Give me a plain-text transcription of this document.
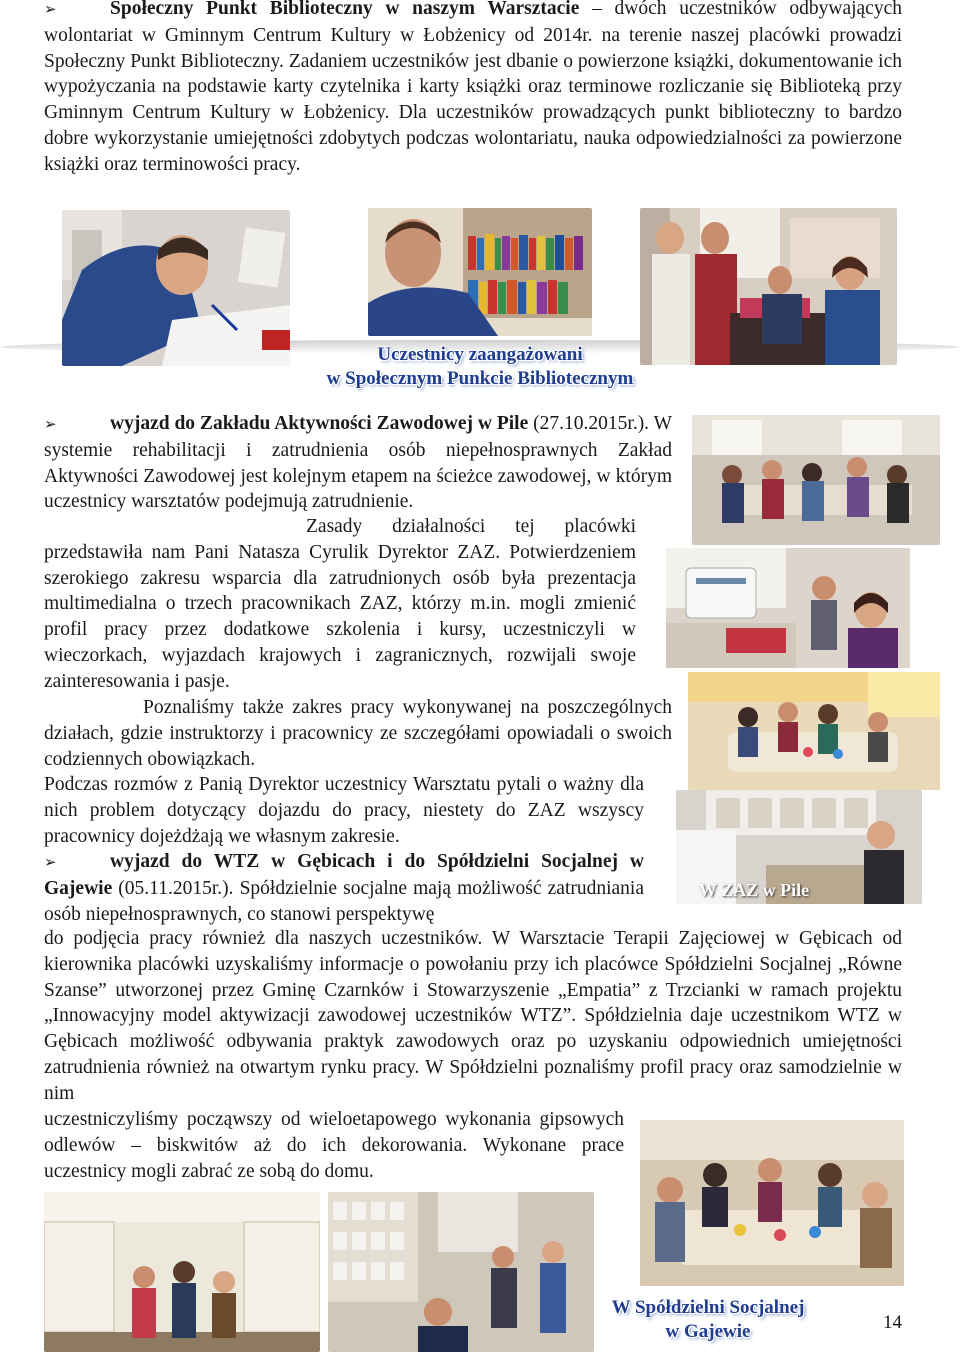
➢	Społeczny Punkt Biblioteczny w naszym Warsztacie – dwóch uczestników odbywających wolontariat w Gminnym Centrum Kultury w Łobżenicy od 2014r. na terenie naszej placówki prowadzi Społeczny Punkt Biblioteczny. Zadaniem uczestników jest dbanie o powierzone książki, dokumentowanie ich wypożyczania na podstawie karty czytelnika i karty książki oraz terminowe rozliczanie się Biblioteką przy Gminnym Centrum Kultury w Łobżenicy. Dla uczestników prowadzących punkt biblioteczny to bardzo dobre wykorzystanie umiejętności zdobytych podczas wolontariatu, nauka odpowiedzialności za powierzone książki oraz terminowości pracy.
Uczestnicy zaangażowani
w Społecznym Punkcie Bibliotecznym
➢	wyjazd do Zakładu Aktywności Zawodowej w Pile (27.10.2015r.). W systemie rehabilitacji i zatrudnienia osób niepełnosprawnych Zakład Aktywności Zawodowej jest kolejnym etapem na ścieżce zawodowej, w którym uczestnicy warsztatów podejmują zatrudnienie.
Zasady działalności tej placówki przedstawiła nam Pani Natasza Cyrulik Dyrektor ZAZ. Potwierdzeniem szerokiego zakresu wsparcia dla zatrudnionych osób była prezentacja multimedialna o trzech pracownikach ZAZ, którzy m.in. mogli zmienić profil pracy przez dodatkowe szkolenia i kursy, uczestniczyli w wieczorkach, wyjazdach krajowych i zagranicznych, rozwijali swoje zainteresowania i pasje.
Poznaliśmy także zakres pracy wykonywanej na poszczególnych działach, gdzie instruktorzy i pracownicy ze szczegółami opowiadali o swoich codziennych obowiązkach.
Podczas rozmów z Panią Dyrektor uczestnicy Warsztatu pytali o ważny dla nich problem dotyczący dojazdu do pracy, niestety do ZAZ wszyscy pracownicy dojeżdżają we własnym zakresie.
W ZAZ w Pile
➢	wyjazd do WTZ w Gębicach i do Spółdzielni Socjalnej w Gajewie (05.11.2015r.). Spółdzielnie socjalne mają możliwość zatrudniania osób niepełnosprawnych, co stanowi perspektywę
do podjęcia pracy również dla naszych uczestników. W Warsztacie Terapii Zajęciowej w Gębicach od kierownika placówki uzyskaliśmy informacje o powołaniu przy ich placówce Spółdzielni Socjalnej „Równe Szanse” utworzonej przez Gminę Czarnków i Stowarzyszenie „Empatia” z Trzcianki w ramach projektu „Innowacyjny model aktywizacji zawodowej uczestników WTZ”. Spółdzielnia daje uczestnikom WTZ w Gębicach możliwość odbywania praktyk zawodowych oraz po uzyskaniu odpowiednich umiejętności zatrudnienia również na otwartym rynku pracy. W Spółdzielni poznaliśmy profil pracy oraz samodzielnie w nim
uczestniczyliśmy począwszy od wieloetapowego wykonania gipsowych odlewów – biskwitów aż do ich dekorowania. Wykonane prace uczestnicy mogli zabrać ze sobą do domu.
W Spółdzielni Socjalnej
w Gajewie	14
